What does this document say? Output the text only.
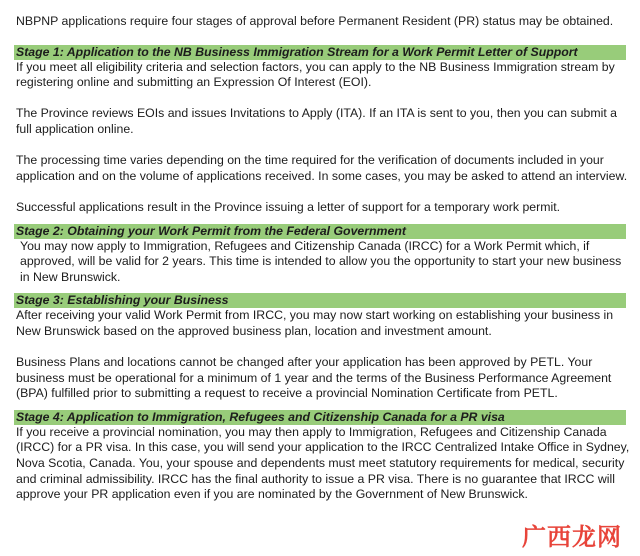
NBPNP applications require four stages of approval before Permanent Resident (PR) status may be obtained.

Stage 1: Application to the NB Business Immigration Stream for a Work Permit Letter of Support

If you meet all eligibility criteria and selection factors, you can apply to the NB Business Immigration stream by registering online and submitting an Expression Of Interest (EOI).

The Province reviews EOIs and issues Invitations to Apply (ITA). If an ITA is sent to you, then you can submit a full application online.

The processing time varies depending on the time required for the verification of documents included in your application and on the volume of applications received. In some cases, you may be asked to attend an interview.

Successful applications result in the Province issuing a letter of support for a temporary work permit.

Stage 2: Obtaining your Work Permit from the Federal Government

You may now apply to Immigration, Refugees and Citizenship Canada (IRCC) for a Work Permit which, if approved, will be valid for 2 years. This time is intended to allow you the opportunity to start your new business in New Brunswick.

Stage 3: Establishing your Business

After receiving your valid Work Permit from IRCC, you may now start working on establishing your business in New Brunswick based on the approved business plan, location and investment amount.

Business Plans and locations cannot be changed after your application has been approved by PETL. Your business must be operational for a minimum of 1 year and the terms of the Business Performance Agreement (BPA) fulfilled prior to submitting a request to receive a provincial Nomination Certificate from PETL.

Stage 4: Application to Immigration, Refugees and Citizenship Canada for a PR visa

If you receive a provincial nomination, you may then apply to Immigration, Refugees and Citizenship Canada (IRCC) for a PR visa. In this case, you will send your application to the IRCC Centralized Intake Office in Sydney, Nova Scotia, Canada. You, your spouse and dependents must meet statutory requirements for medical, security and criminal admissibility. IRCC has the final authority to issue a PR visa. There is no guarantee that IRCC will approve your PR application even if you are nominated by the Government of New Brunswick.

广西龙网
